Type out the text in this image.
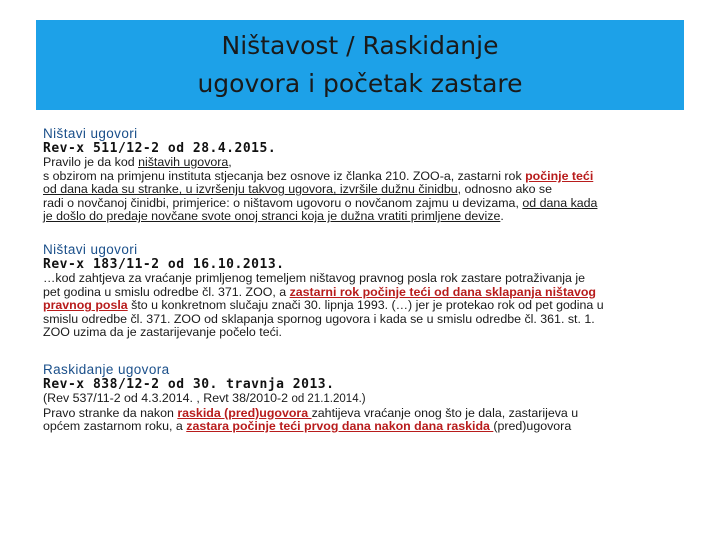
Ništavost / Raskidanje
ugovora i početak zastare
Ništavi ugovori
Rev-x 511/12-2 od 28.4.2015.
Pravilo je da kod ništavih ugovora,
s obzirom na primjenu instituta stjecanja bez osnove iz članka 210. ZOO-a, zastarni rok počinje teći
od dana kada su stranke, u izvršenju takvog ugovora, izvršile dužnu činidbu, odnosno ako se
radi o novčanoj činidbi, primjerice: o ništavom ugovoru o novčanom zajmu u devizama, od dana kada
je došlo do predaje novčane svote onoj stranci koja je dužna vratiti primljene devize.
Ništavi ugovori
Rev-x 183/11-2 od 16.10.2013.
…kod zahtjeva za vraćanje primljenog temeljem ništavog pravnog posla rok zastare potraživanja je
pet godina u smislu odredbe čl. 371. ZOO, a zastarni rok počinje teći od dana sklapanja ništavog
pravnog posla što u konkretnom slučaju znači 30. lipnja 1993. (…) jer je protekao rok od pet godina u
smislu odredbe čl. 371. ZOO od sklapanja spornog ugovora i kada se u smislu odredbe čl. 361. st. 1.
ZOO uzima da je zastarijevanje počelo teći.
Raskidanje ugovora
Rev-x 838/12-2 od 30. travnja 2013.
(Rev 537/11-2 od 4.3.2014. , Revt 38/2010-2 od 21.1.2014.)
Pravo stranke da nakon raskida (pred)ugovora zahtijeva vraćanje onog što je dala, zastarijeva u
općem zastarnom roku, a zastara počinje teći prvog dana nakon dana raskida (pred)ugovora
